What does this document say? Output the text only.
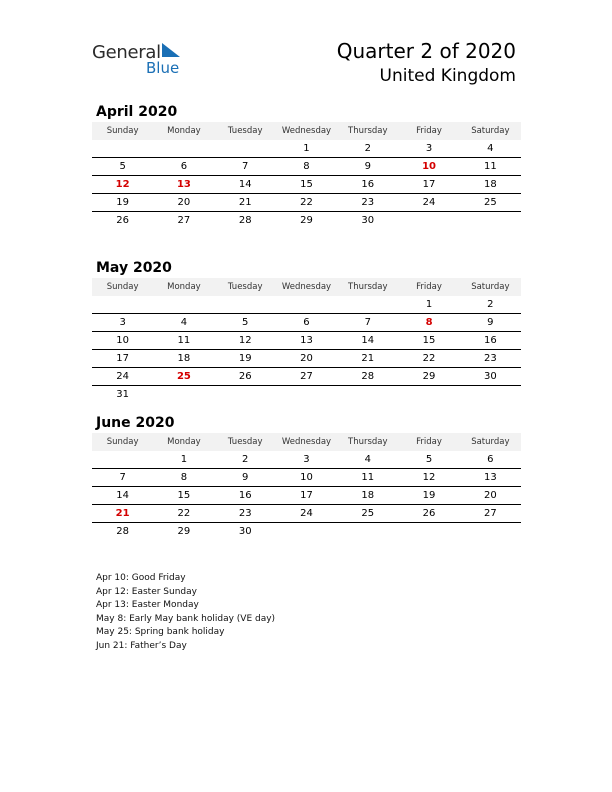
General
Blue
Quarter 2 of 2020
United Kingdom
April 2020
Sunday	Monday	Tuesday	Wednesday	Thursday	Friday	Saturday
			1	2	3	4
5	6	7	8	9	10	11
12	13	14	15	16	17	18
19	20	21	22	23	24	25
26	27	28	29	30		
May 2020
Sunday	Monday	Tuesday	Wednesday	Thursday	Friday	Saturday
					1	2
3	4	5	6	7	8	9
10	11	12	13	14	15	16
17	18	19	20	21	22	23
24	25	26	27	28	29	30
31						
June 2020
Sunday	Monday	Tuesday	Wednesday	Thursday	Friday	Saturday
	1	2	3	4	5	6
7	8	9	10	11	12	13
14	15	16	17	18	19	20
21	22	23	24	25	26	27
28	29	30				
Apr 10: Good Friday
Apr 12: Easter Sunday
Apr 13: Easter Monday
May 8: Early May bank holiday (VE day)
May 25: Spring bank holiday
Jun 21: Father’s Day
